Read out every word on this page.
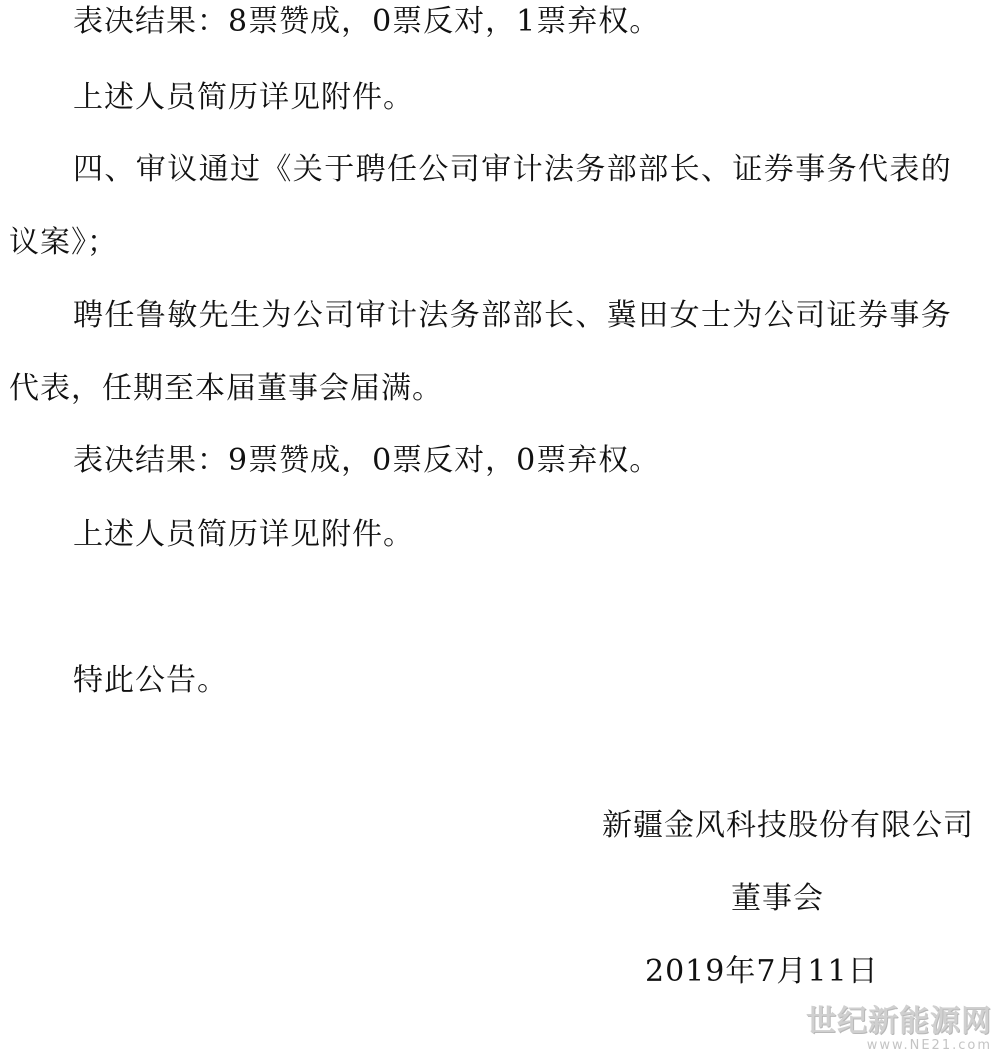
表决结果：8票赞成，0票反对，1票弃权。
上述人员简历详见附件。
四、审议通过《关于聘任公司审计法务部部长、证券事务代表的
议案》；
聘任鲁敏先生为公司审计法务部部长、冀田女士为公司证券事务
代表，任期至本届董事会届满。
表决结果：9票赞成，0票反对，0票弃权。
上述人员简历详见附件。
特此公告。
新疆金风科技股份有限公司
董事会
2019年7月11日
世纪新能源网
www.NE21.com
